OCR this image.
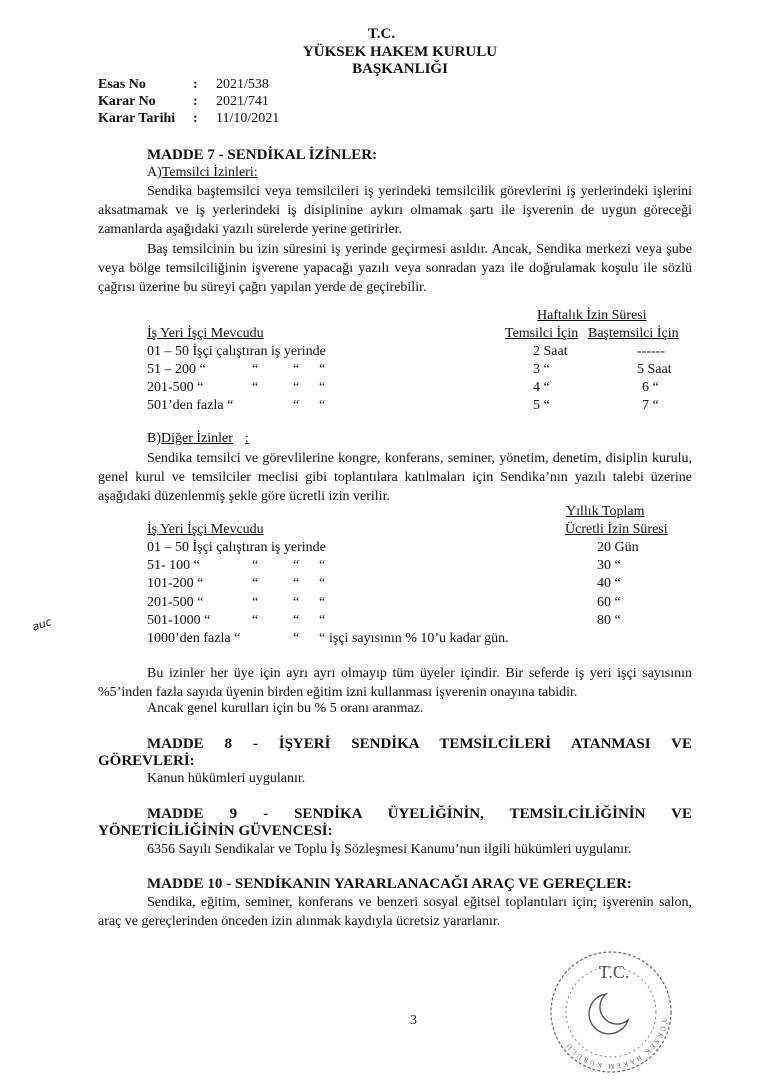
T.C.
YÜKSEK HAKEM KURULU
BAŞKANLIĞI
Esas No	: 2021/538
Karar No	: 2021/741
Karar Tarihi : 11/10/2021
MADDE 7 - SENDİKAL İZİNLER:
A)Temsilci İzinleri:
Sendika baştemsilci veya temsilcileri iş yerindeki temsilcilik görevlerini iş yerlerindeki işlerini aksatmamak ve iş yerlerindeki iş disiplinine aykırı olmamak şartı ile işverenin de uygun göreceği zamanlarda aşağıdaki yazılı sürelerde yerine getirirler.
Baş temsilcinin bu izin süresini iş yerinde geçirmesi asıldır. Ancak, Sendika merkezi veya şube veya bölge temsilciliğinin işverene yapacağı yazılı veya sonradan yazı ile doğrulamak koşulu ile sözlü çağrısı üzerine bu süreyi çağrı yapılan yerde de geçirebilir.
Haftalık İzin Süresi
İş Yeri İşçi Mevcudu	Temsilci İçin Baştemsilci İçin
01 – 50 İşçi çalıştıran iş yerinde	2 Saat	------
51 – 200 “	“ “ “	3 “	5 Saat
201-500 “	“ “ “	4 “	6 “
501’den fazla “	“ “	5 “	7 “
B)Diğer İzinler :
Sendika temsilci ve görevlilerine kongre, konferans, seminer, yönetim, denetim, disiplin kurulu, genel kurul ve temsilciler meclisi gibi toplantılara katılmaları için Sendika’nın yazılı talebi üzerine aşağıdaki düzenlenmiş şekle göre ücretli izin verilir.
Yıllık Toplam
İş Yeri İşçi Mevcudu	Ücretli İzin Süresi
01 – 50 İşçi çalıştıran iş yerinde	20 Gün
51- 100 “	“ “ “	30 “
101-200 “	“ “ “	40 “
201-500 “	“ “ “	60 “
501-1000 “	“ “ “	80 “
1000’den fazla “	“ “ işçi sayısının % 10’u kadar gün.
Bu izinler her üye için ayrı ayrı olmayıp tüm üyeler içindir. Bir seferde iş yeri işçi sayısının %5’inden fazla sayıda üyenin birden eğitim izni kullanması işverenin onayına tabidir.
Ancak genel kurulları için bu % 5 oranı aranmaz.
MADDE 8 - İŞYERİ SENDİKA TEMSİLCİLERİ ATANMASI VE
GÖREVLERİ:
Kanun hükümleri uygulanır.
MADDE 9 - SENDİKA ÜYELİĞİNİN, TEMSİLCİLİĞİNİN VE
YÖNETİCİLİĞİNİN GÜVENCESİ:
6356 Sayılı Sendikalar ve Toplu İş Sözleşmesi Kanunu’nun ilgili hükümleri uygulanır.
MADDE 10 - SENDİKANIN YARARLANACAĞI ARAÇ VE GEREÇLER:
Sendika, eğitim, seminer, konferans ve benzeri sosyal eğitsel toplantıları için; işverenin salon, araç ve gereçlerinden önceden izin alınmak kaydıyla ücretsiz yararlanır.
3
auc
T.C.
YÜKSEK HAKEM KURULU
